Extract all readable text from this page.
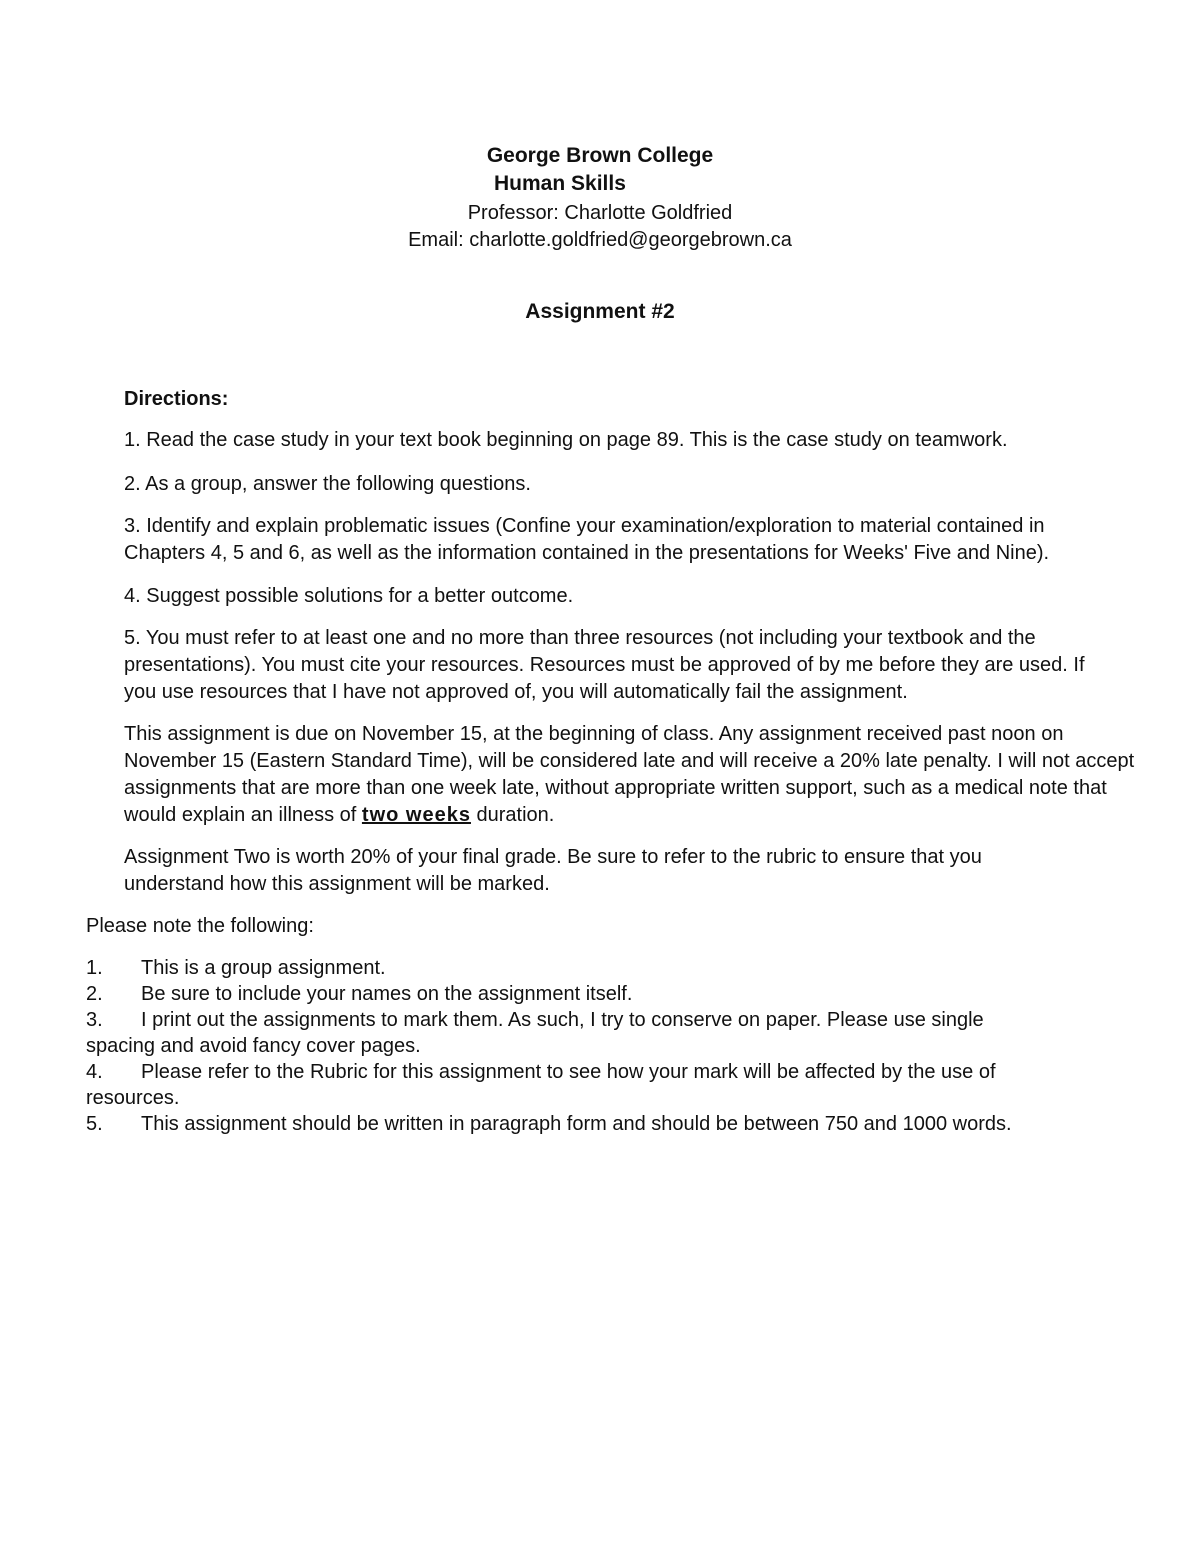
George Brown College

Human Skills

Professor: Charlotte Goldfried

Email: charlotte.goldfried@georgebrown.ca

Assignment #2

Directions:

1. Read the case study in your text book beginning on page 89. This is the case study on teamwork.

2. As a group, answer the following questions.

3. Identify and explain problematic issues (Confine your examination/exploration to material contained in Chapters 4, 5 and 6, as well as the information contained in the presentations for Weeks' Five and Nine).

4. Suggest possible solutions for a better outcome.

5. You must refer to at least one and no more than three resources (not including your textbook and the presentations). You must cite your resources. Resources must be approved of by me before they are used. If you use resources that I have not approved of, you will automatically fail the assignment.

This assignment is due on November 15, at the beginning of class. Any assignment received past noon on November 15 (Eastern Standard Time), will be considered late and will receive a 20% late penalty. I will not accept assignments that are more than one week late, without appropriate written support, such as a medical note that would explain an illness of two weeks duration.

Assignment Two is worth 20% of your final grade. Be sure to refer to the rubric to ensure that you understand how this assignment will be marked.

Please note the following:

1. This is a group assignment.

2. Be sure to include your names on the assignment itself.

3. I print out the assignments to mark them. As such, I try to conserve on paper. Please use single spacing and avoid fancy cover pages.

4. Please refer to the Rubric for this assignment to see how your mark will be affected by the use of resources.

5. This assignment should be written in paragraph form and should be between 750 and 1000 words.
